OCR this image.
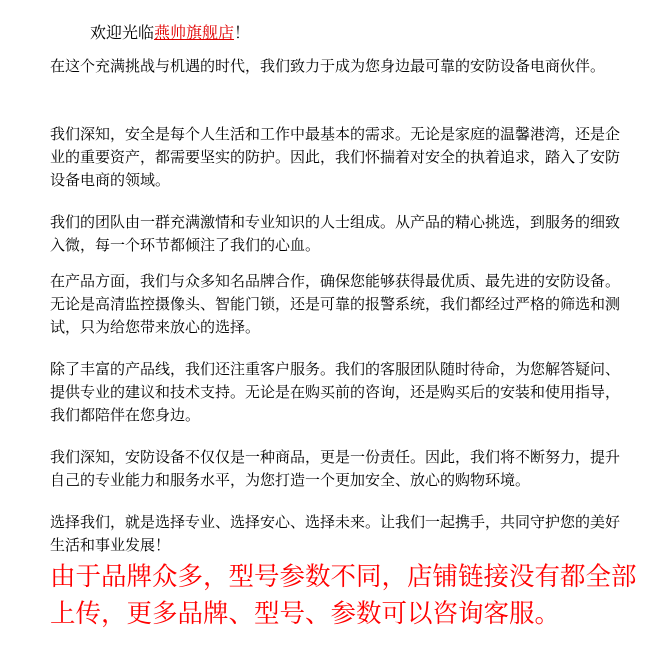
欢迎光临燕帅旗舰店！

在这个充满挑战与机遇的时代，我们致力于成为您身边最可靠的安防设备电商伙伴。

我们深知，安全是每个人生活和工作中最基本的需求。无论是家庭的温馨港湾，还是企业的重要资产，都需要坚实的防护。因此，我们怀揣着对安全的执着追求，踏入了安防设备电商的领域。

我们的团队由一群充满激情和专业知识的人士组成。从产品的精心挑选，到服务的细致入微，每一个环节都倾注了我们的心血。

在产品方面，我们与众多知名品牌合作，确保您能够获得最优质、最先进的安防设备。无论是高清监控摄像头、智能门锁，还是可靠的报警系统，我们都经过严格的筛选和测试，只为给您带来放心的选择。

除了丰富的产品线，我们还注重客户服务。我们的客服团队随时待命，为您解答疑问、提供专业的建议和技术支持。无论是在购买前的咨询，还是购买后的安装和使用指导，我们都陪伴在您身边。

我们深知，安防设备不仅仅是一种商品，更是一份责任。因此，我们将不断努力，提升自己的专业能力和服务水平，为您打造一个更加安全、放心的购物环境。

选择我们，就是选择专业、选择安心、选择未来。让我们一起携手，共同守护您的美好生活和事业发展！

由于品牌众多，型号参数不同，店铺链接没有都全部上传，更多品牌、型号、参数可以咨询客服。
